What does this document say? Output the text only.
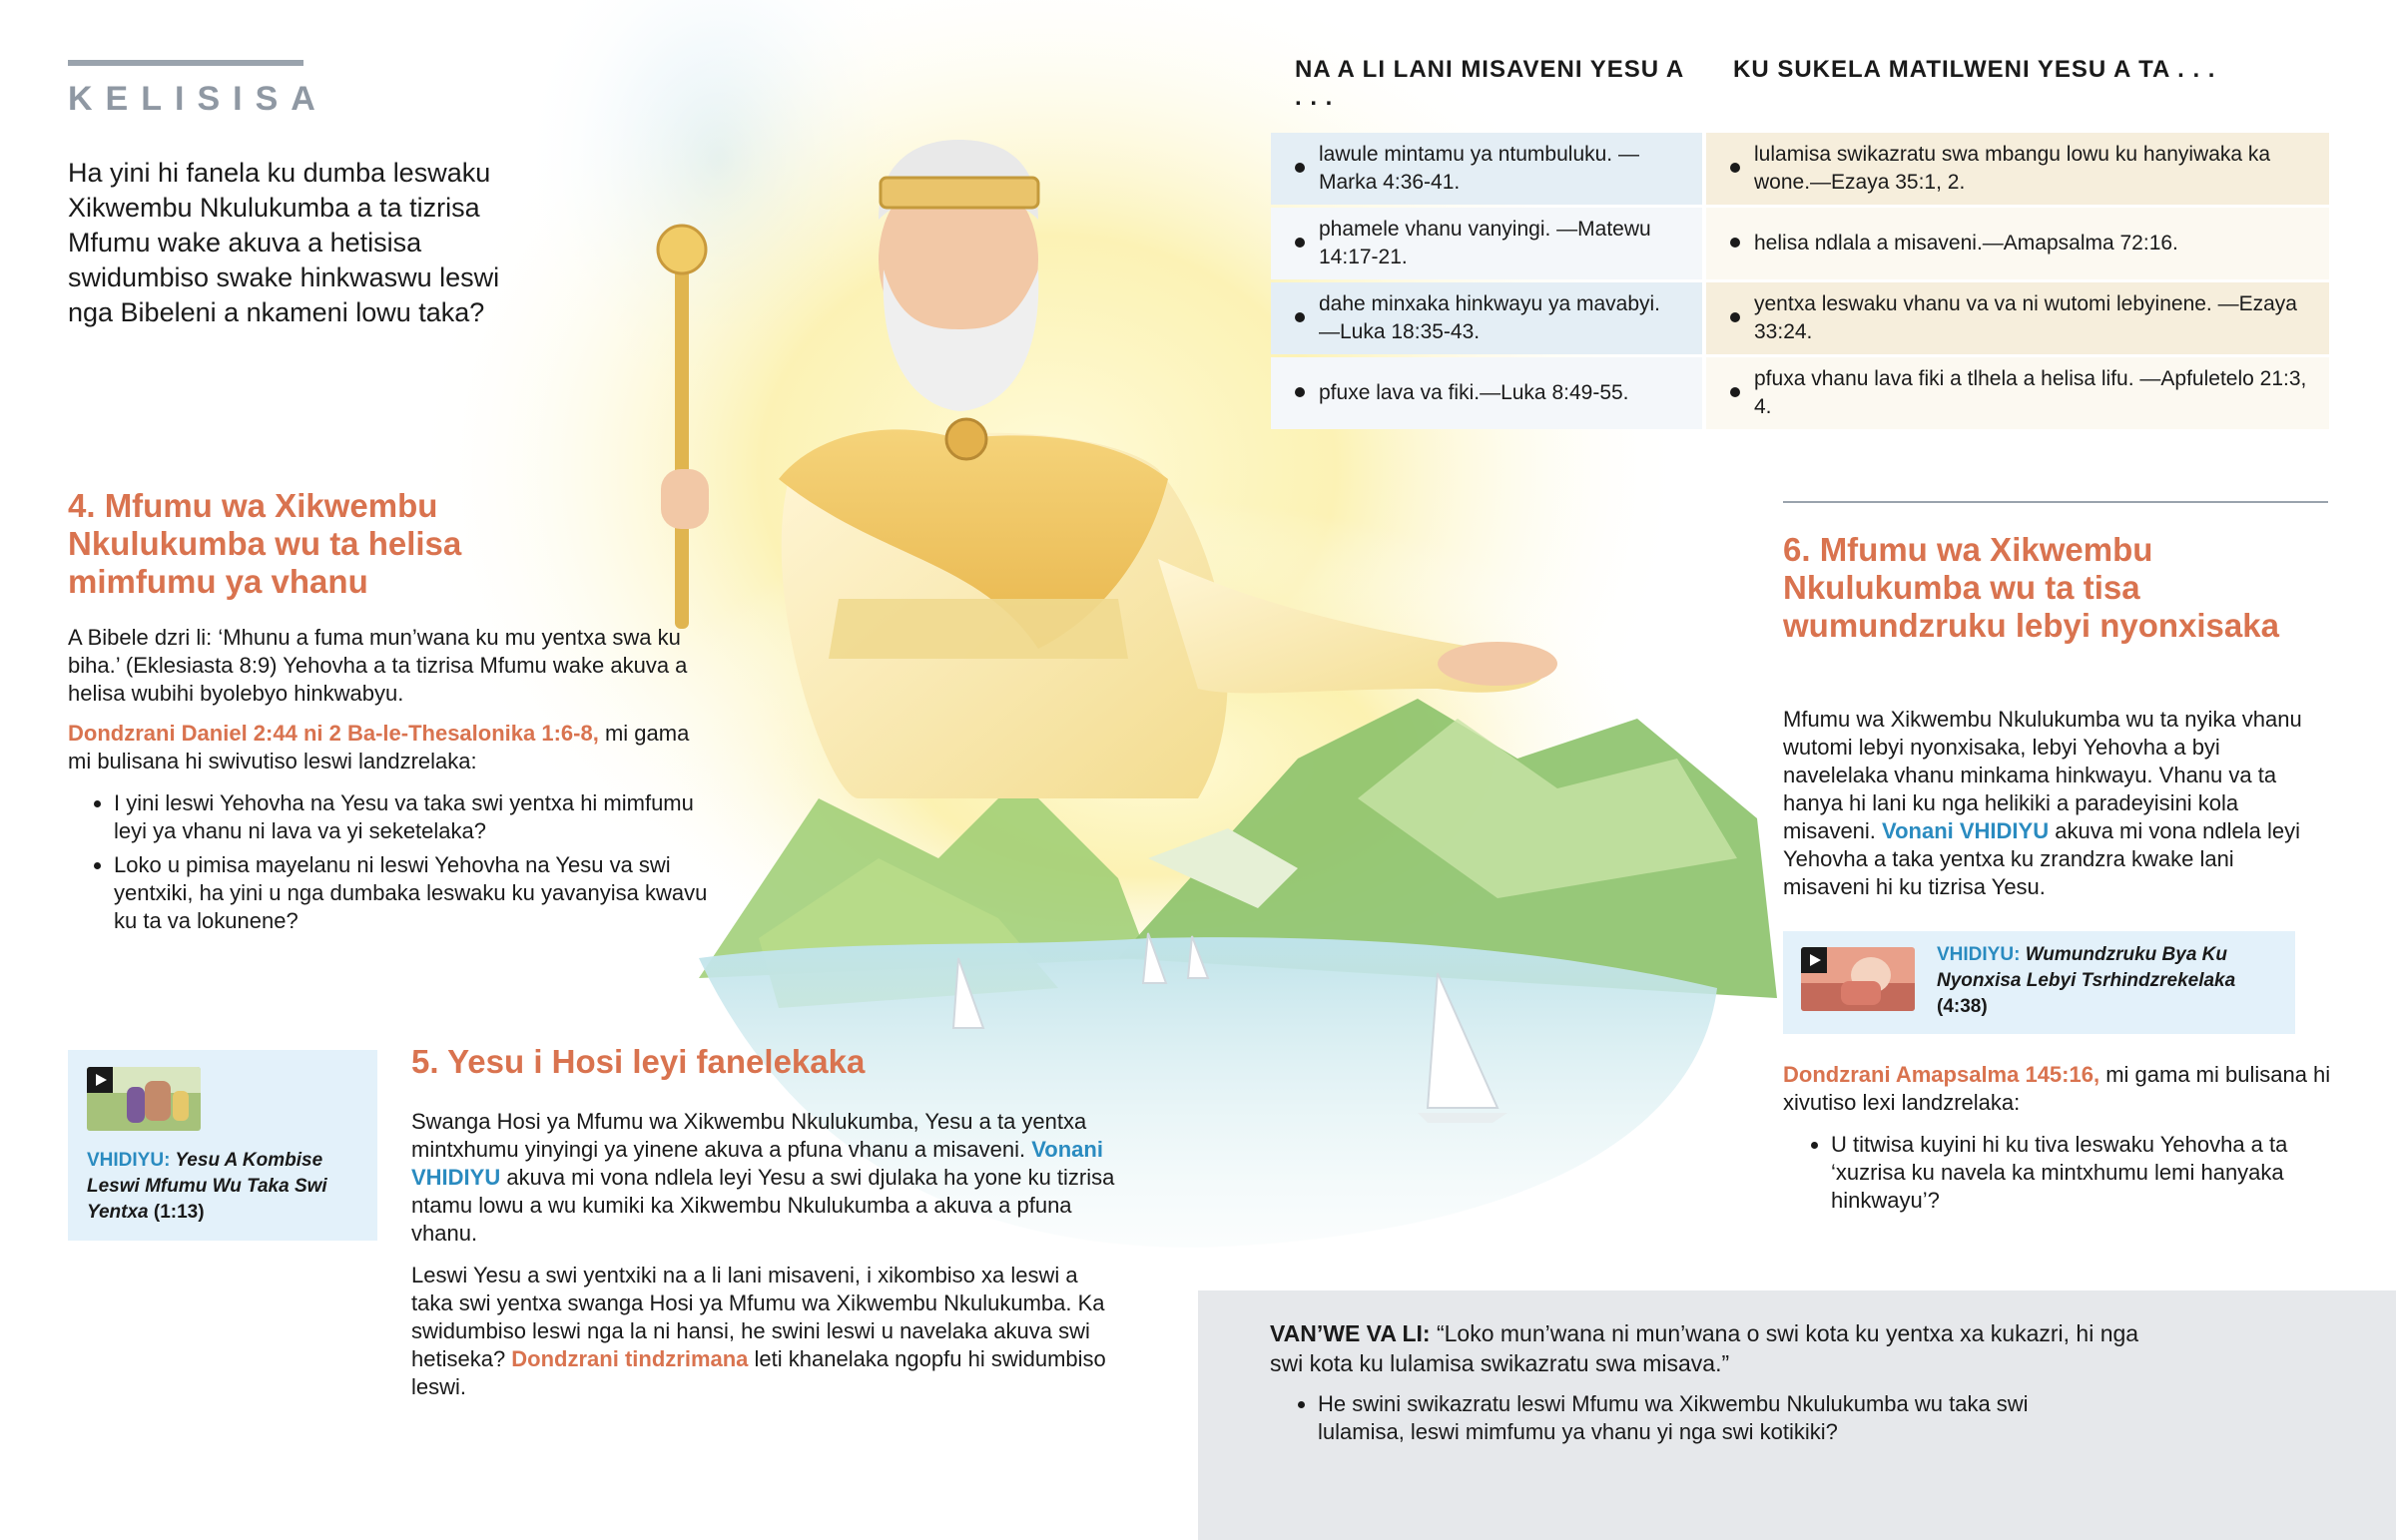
KELISISA
Ha yini hi fanela ku dumba leswaku Xikwembu Nkulukumba a ta tizrisa Mfumu wake akuva a hetisisa swidumbiso swake hinkwaswu leswi nga Bibeleni a nkameni lowu taka?
NA A LI LANI MISAVENI YESU A . . .
KU SUKELA MATILWENI YESU A TA . . .
lawule mintamu ya ntumbuluku. —Marka 4:36-41.
lulamisa swikazratu swa mbangu lowu ku hanyiwaka ka wone.—Ezaya 35:1, 2.
phamele vhanu vanyingi. —Matewu 14:17-21.
helisa ndlala a misaveni.—Amapsalma 72:16.
dahe minxaka hinkwayu ya mavabyi. —Luka 18:35-43.
yentxa leswaku vhanu va va ni wutomi lebyinene. —Ezaya 33:24.
pfuxe lava va fiki.—Luka 8:49-55.
pfuxa vhanu lava fiki a tlhela a helisa lifu. —Apfuletelo 21:3, 4.
4. Mfumu wa Xikwembu Nkulukumba wu ta helisa mimfumu ya vhanu

A Bibele dzri li: ‘Mhunu a fuma mun’wana ku mu yentxa swa ku biha.’ (Eklesiasta 8:9) Yehovha a ta tizrisa Mfumu wake akuva a helisa wubihi byolebyo hinkwabyu.

Dondzrani Daniel 2:44 ni 2 Ba-le-Thesalonika 1:6-8, mi gama mi bulisana hi swivutiso leswi landzrelaka:

• I yini leswi Yehovha na Yesu va taka swi yentxa hi mimfumu leyi ya vhanu ni lava va yi seketelaka?
• Loko u pimisa mayelanu ni leswi Yehovha na Yesu va swi yentxiki, ha yini u nga dumbaka leswaku ku yavanyisa kwavu ku ta va lokunene?
VHIDIYU: Yesu A Kombise Leswi Mfumu Wu Taka Swi Yentxa (1:13)
5. Yesu i Hosi leyi fanelekaka

Swanga Hosi ya Mfumu wa Xikwembu Nkulukumba, Yesu a ta yentxa mintxhumu yinyingi ya yinene akuva a pfuna vhanu a misaveni. Vonani VHIDIYU akuva mi vona ndlela leyi Yesu a swi djulaka ha yone ku tizrisa ntamu lowu a wu kumiki ka Xikwembu Nkulukumba a akuva a pfuna vhanu.

Leswi Yesu a swi yentxiki na a li lani misaveni, i xikombiso xa leswi a taka swi yentxa swanga Hosi ya Mfumu wa Xikwembu Nkulukumba. Ka swidumbiso leswi nga la ni hansi, he swini leswi u navelaka akuva swi hetiseka? Dondzrani tindzrimana leti khanelaka ngopfu hi swidumbiso leswi.

6. Mfumu wa Xikwembu Nkulukumba wu ta tisa wumundzruku lebyi nyonxisaka

Mfumu wa Xikwembu Nkulukumba wu ta nyika vhanu wutomi lebyi nyonxisaka, lebyi Yehovha a byi navelelaka vhanu minkama hinkwayu. Vhanu va ta hanya hi lani ku nga helikiki a paradeyisini kola misaveni. Vonani VHIDIYU akuva mi vona ndlela leyi Yehovha a taka yentxa ku zrandzra kwake lani misaveni hi ku tizrisa Yesu.

VHIDIYU: Wumundzruku Bya Ku Nyonxisa Lebyi Tsrhindzrekelaka (4:38)

Dondzrani Amapsalma 145:16, mi gama mi bulisana hi xivutiso lexi landzrelaka:

• U titwisa kuyini hi ku tiva leswaku Yehovha a ta ‘xuzrisa ku navela ka mintxhumu lemi hanyaka hinkwayu’?

VAN’WE VA LI: “Loko mun’wana ni mun’wana o swi kota ku yentxa xa kukazri, hi nga swi kota ku lulamisa swikazratu swa misava.”

• He swini swikazratu leswi Mfumu wa Xikwembu Nkulukumba wu taka swi lulamisa, leswi mimfumu ya vhanu yi nga swi kotikiki?
